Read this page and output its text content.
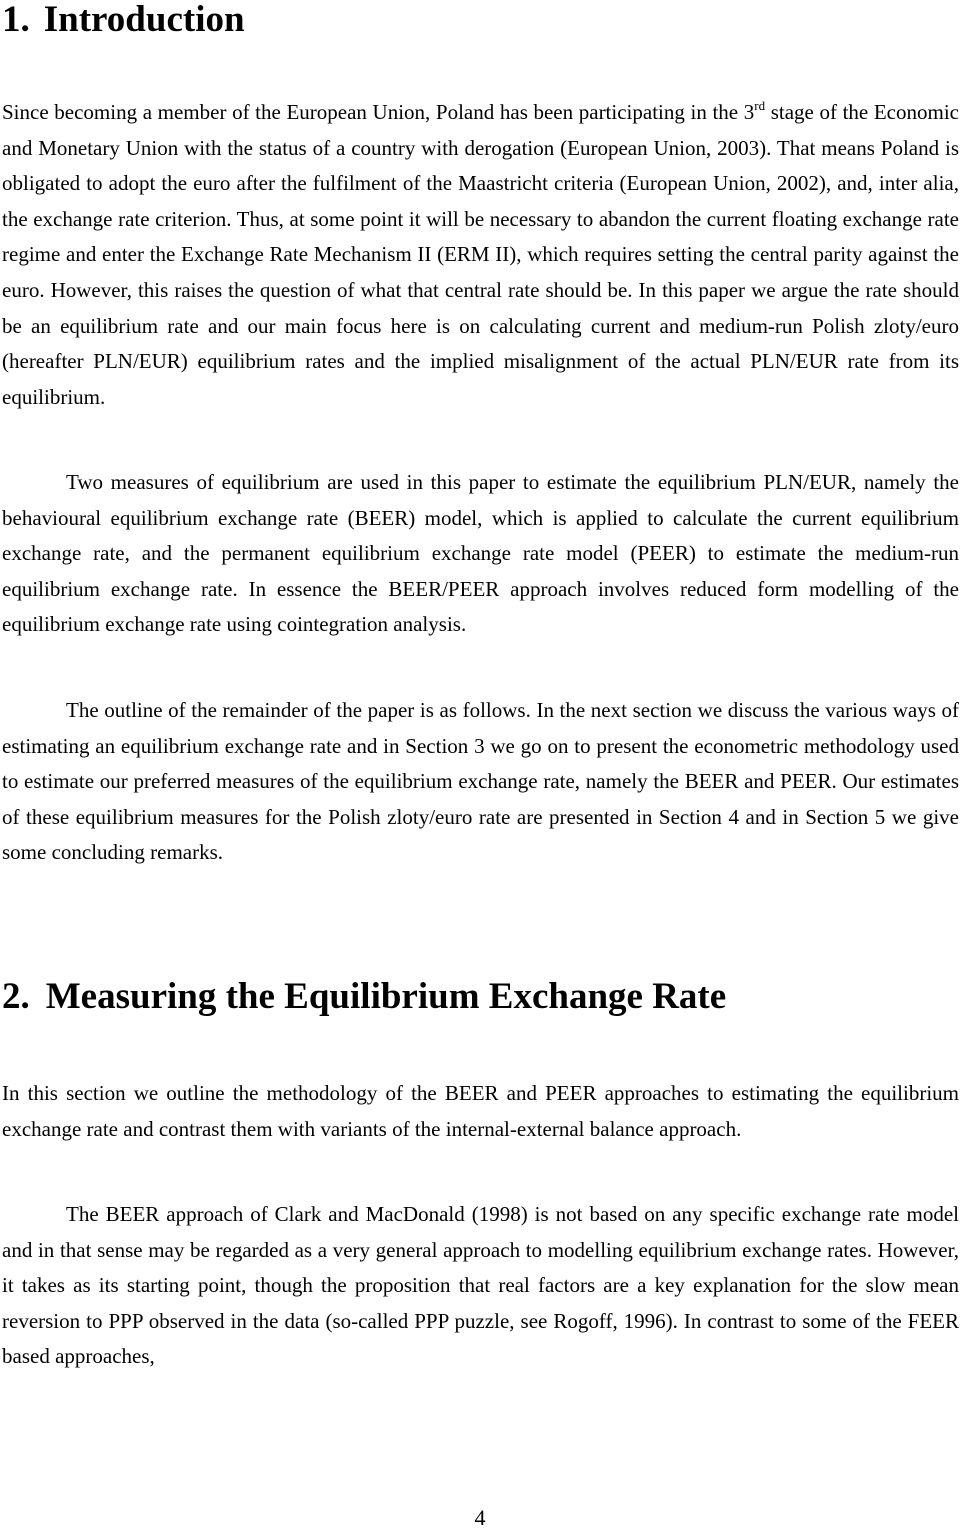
1. Introduction

Since becoming a member of the European Union, Poland has been participating in the 3rd stage of the Economic and Monetary Union with the status of a country with derogation (European Union, 2003). That means Poland is obligated to adopt the euro after the fulfilment of the Maastricht criteria (European Union, 2002), and, inter alia, the exchange rate criterion. Thus, at some point it will be necessary to abandon the current floating exchange rate regime and enter the Exchange Rate Mechanism II (ERM II), which requires setting the central parity against the euro. However, this raises the question of what that central rate should be. In this paper we argue the rate should be an equilibrium rate and our main focus here is on calculating current and medium-run Polish zloty/euro (hereafter PLN/EUR) equilibrium rates and the implied misalignment of the actual PLN/EUR rate from its equilibrium.

Two measures of equilibrium are used in this paper to estimate the equilibrium PLN/EUR, namely the behavioural equilibrium exchange rate (BEER) model, which is applied to calculate the current equilibrium exchange rate, and the permanent equilibrium exchange rate model (PEER) to estimate the medium-run equilibrium exchange rate. In essence the BEER/PEER approach involves reduced form modelling of the equilibrium exchange rate using cointegration analysis.

The outline of the remainder of the paper is as follows. In the next section we discuss the various ways of estimating an equilibrium exchange rate and in Section 3 we go on to present the econometric methodology used to estimate our preferred measures of the equilibrium exchange rate, namely the BEER and PEER. Our estimates of these equilibrium measures for the Polish zloty/euro rate are presented in Section 4 and in Section 5 we give some concluding remarks.

2. Measuring the Equilibrium Exchange Rate

In this section we outline the methodology of the BEER and PEER approaches to estimating the equilibrium exchange rate and contrast them with variants of the internal-external balance approach.

The BEER approach of Clark and MacDonald (1998) is not based on any specific exchange rate model and in that sense may be regarded as a very general approach to modelling equilibrium exchange rates. However, it takes as its starting point, though the proposition that real factors are a key explanation for the slow mean reversion to PPP observed in the data (so-called PPP puzzle, see Rogoff, 1996). In contrast to some of the FEER based approaches,

4
